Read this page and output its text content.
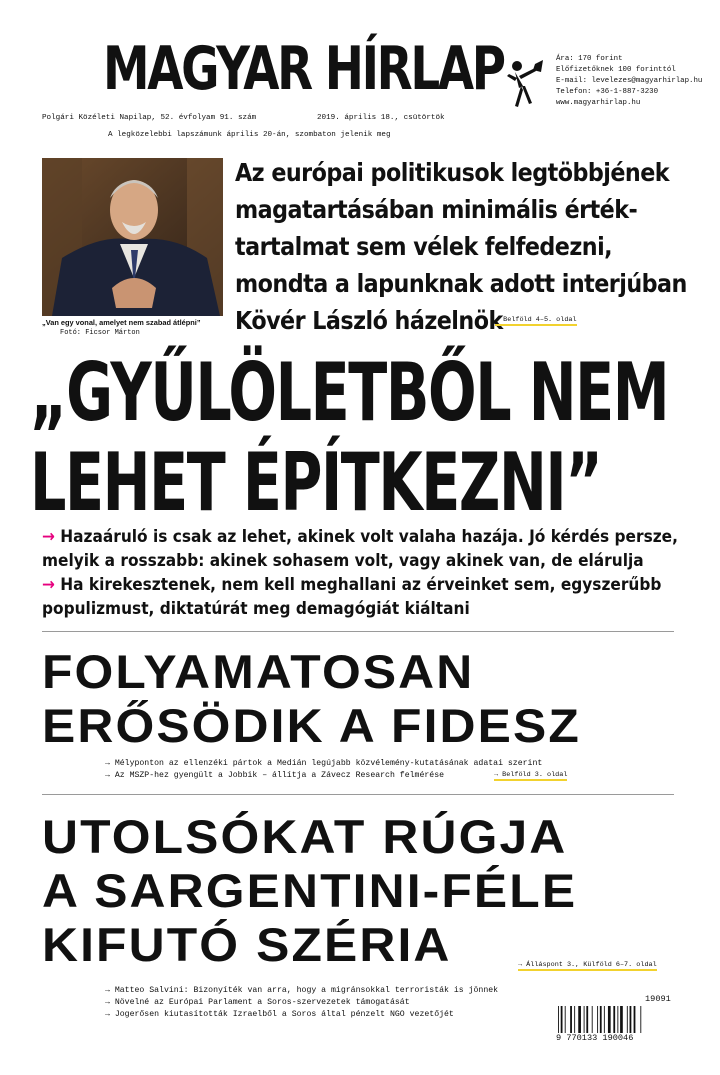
MAGYAR HÍRLAP	Ára: 170 forint
Előfizetőknek 100 forinttól
E-mail: levelezes@magyarhirlap.hu
Telefon: +36-1-887-3230
www.magyarhirlap.hu
Polgári Közéleti Napilap, 52. évfolyam 91. szám	2019. április 18., csütörtök
A legközelebbi lapszámunk április 20-án, szombaton jelenik meg
„Van egy vonal, amelyet nem szabad átlépni”
Fotó: Ficsor Márton
Az európai politikusok legtöbbjének
magatartásában minimális érték-
tartalmat sem vélek felfedezni,
mondta a lapunknak adott interjúban
Kövér László házelnök
→ Belföld 4–5. oldal
„GYŰLÖLETBŐL NEM
LEHET ÉPÍTKEZNI”
→ Hazaáruló is csak az lehet, akinek volt valaha hazája. Jó kérdés persze,
melyik a rosszabb: akinek sohasem volt, vagy akinek van, de elárulja
→ Ha kirekesztenek, nem kell meghallani az érveinket sem, egyszerűbb
populizmust, diktatúrát meg demagógiát kiáltani
FOLYAMATOSAN
ERŐSÖDIK A FIDESZ
→ Mélyponton az ellenzéki pártok a Medián legújabb közvélemény-kutatásának adatai szerint
→ Az MSZP-hez gyengült a Jobbik – állítja a Závecz Research felmérése	→ Belföld 3. oldal
UTOLSÓKAT RÚGJA
A SARGENTINI-FÉLE
KIFUTÓ SZÉRIA	→ Álláspont 3., Külföld 6–7. oldal
→ Matteo Salvini: Bizonyíték van arra, hogy a migránsokkal terroristák is jönnek
→ Növelné az Európai Parlament a Soros-szervezetek támogatását
→ Jogerősen kiutasították Izraelből a Soros által pénzelt NGO vezetőjét
19091
9 770133 190046
